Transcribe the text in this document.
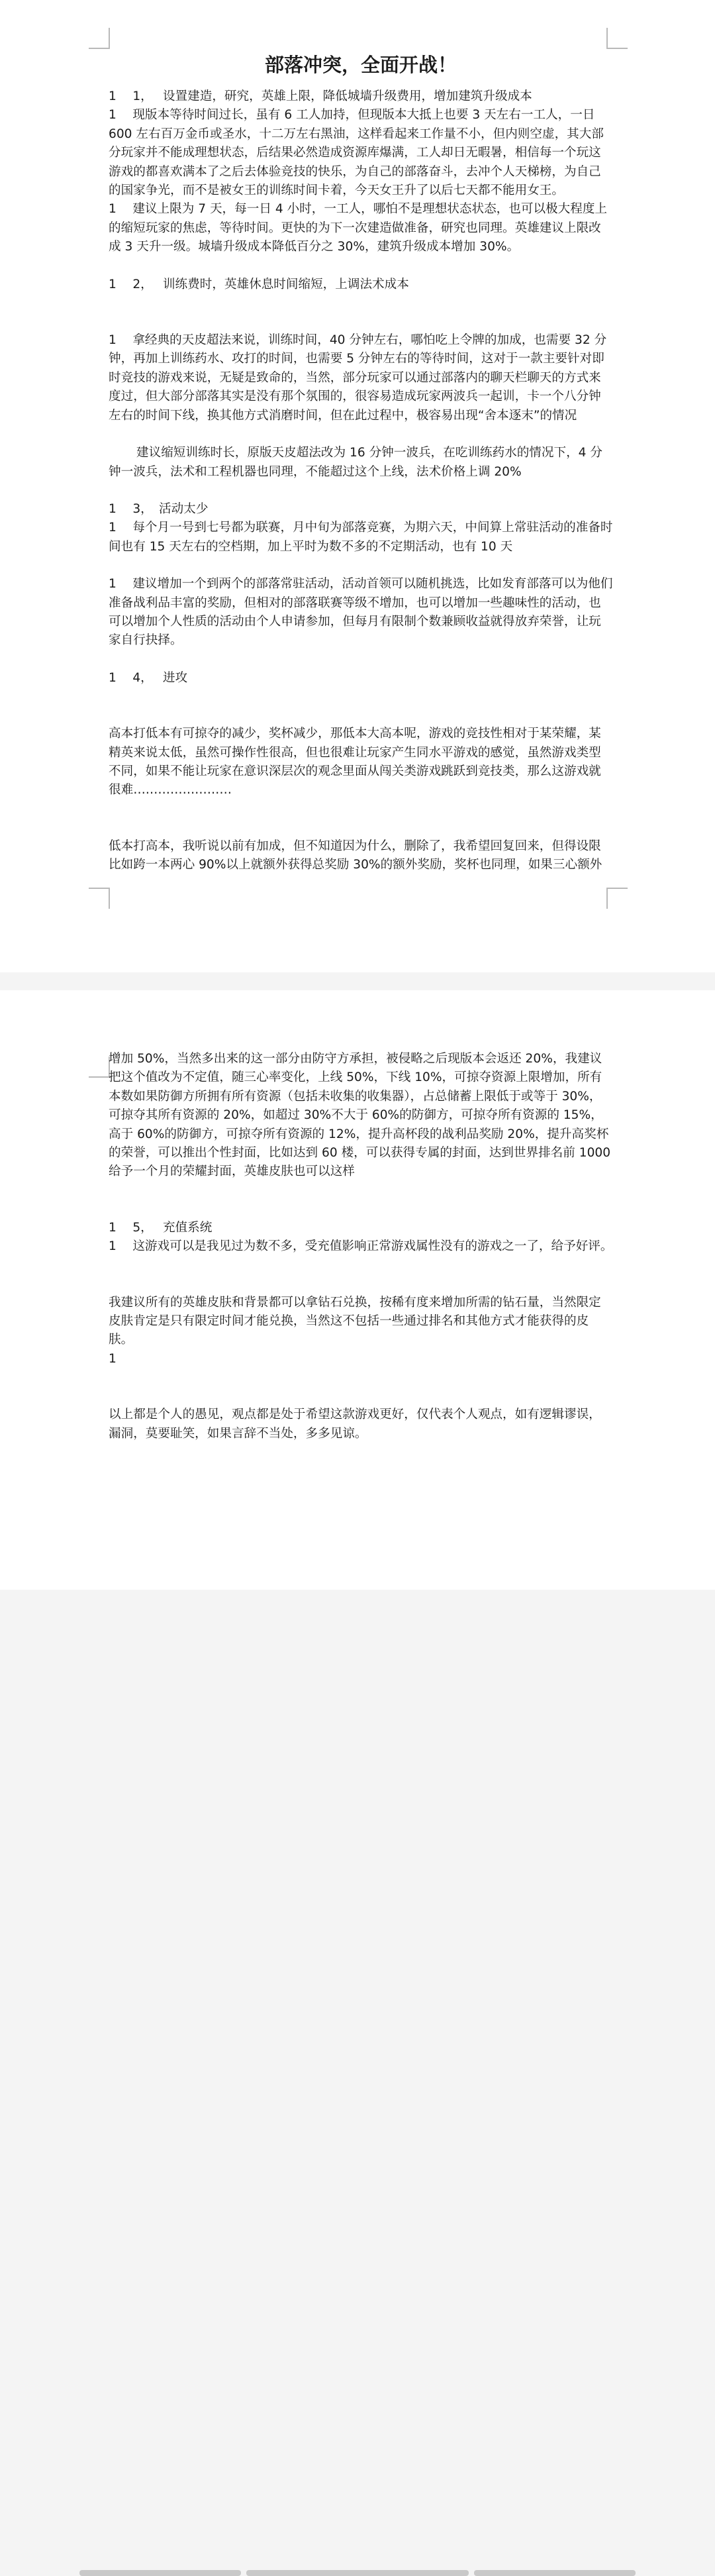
部落冲突，全面开战！

1　 1，　 设置建造，研究，英雄上限，降低城墙升级费用，增加建筑升级成本

1　 现版本等待时间过长，虽有 6 工人加持，但现版本大抵上也要 3 天左右一工人，一日 600 左右百万金币或圣水，十二万左右黑油，这样看起来工作量不小，但内则空虚，其大部分玩家并不能成理想状态，后结果必然造成资源库爆满，工人却日无暇暑，相信每一个玩这游戏的都喜欢满本了之后去体验竞技的快乐，为自己的部落奋斗，去冲个人天梯榜，为自己的国家争光，而不是被女王的训练时间卡着，今天女王升了以后七天都不能用女王。

1　 建议上限为 7 天，每一日 4 小时，一工人，哪怕不是理想状态状态，也可以极大程度上的缩短玩家的焦虑，等待时间。更快的为下一次建造做准备，研究也同理。英雄建议上限改成 3 天升一级。城墙升级成本降低百分之 30%，建筑升级成本增加 30%。

1　 2，　 训练费时，英雄休息时间缩短，上调法术成本

1　 拿经典的天皮超法来说，训练时间，40 分钟左右，哪怕吃上令牌的加成，也需要 32 分钟，再加上训练药水、攻打的时间，也需要 5 分钟左右的等待时间，这对于一款主要针对即时竞技的游戏来说，无疑是致命的，当然，部分玩家可以通过部落内的聊天栏聊天的方式来度过，但大部分部落其实是没有那个氛围的，很容易造成玩家两波兵一起训，卡一个八分钟左右的时间下线，换其他方式消磨时间，但在此过程中，极容易出现“舍本逐末”的情况

建议缩短训练时长，原版天皮超法改为 16 分钟一波兵，在吃训练药水的情况下，4 分钟一波兵，法术和工程机器也同理，不能超过这个上线，法术价格上调 20%

1　 3，　活动太少

1　 每个月一号到七号都为联赛，月中旬为部落竞赛，为期六天，中间算上常驻活动的准备时间也有 15 天左右的空档期，加上平时为数不多的不定期活动，也有 10 天

1　 建议增加一个到两个的部落常驻活动，活动首领可以随机挑选，比如发育部落可以为他们准备战利品丰富的奖励，但相对的部落联赛等级不增加，也可以增加一些趣味性的活动，也可以增加个人性质的活动由个人申请参加，但每月有限制个数兼顾收益就得放弃荣誉，让玩家自行抉择。

1　 4，　 进攻

高本打低本有可掠夺的减少，奖杯减少，那低本大高本呢，游戏的竞技性相对于某荣耀，某精英来说太低，虽然可操作性很高，但也很难让玩家产生同水平游戏的感觉，虽然游戏类型不同，如果不能让玩家在意识深层次的观念里面从闯关类游戏跳跃到竞技类，那么这游戏就很难……………………

低本打高本，我听说以前有加成，但不知道因为什么，删除了，我希望回复回来，但得设限比如跨一本两心 90%以上就额外获得总奖励 30%的额外奖励，奖杯也同理，如果三心额外

增加 50%，当然多出来的这一部分由防守方承担，被侵略之后现版本会返还 20%，我建议把这个值改为不定值，随三心率变化，上线 50%，下线 10%，可掠夺资源上限增加，所有本数如果防御方所拥有所有资源（包括未收集的收集器），占总储蓄上限低于或等于 30%，可掠夺其所有资源的 20%，如超过 30%不大于 60%的防御方，可掠夺所有资源的 15%，高于 60%的防御方，可掠夺所有资源的 12%，提升高杯段的战利品奖励 20%，提升高奖杯的荣誉，可以推出个性封面，比如达到 60 楼，可以获得专属的封面，达到世界排名前 1000 给予一个月的荣耀封面，英雄皮肤也可以这样

1　 5，　 充值系统

1　 这游戏可以是我见过为数不多，受充值影响正常游戏属性没有的游戏之一了，给予好评。

我建议所有的英雄皮肤和背景都可以拿钻石兑换，按稀有度来增加所需的钻石量，当然限定皮肤肯定是只有限定时间才能兑换，当然这不包括一些通过排名和其他方式才能获得的皮肤。

1

以上都是个人的愚见，观点都是处于希望这款游戏更好，仅代表个人观点，如有逻辑谬误，漏洞，莫要耻笑，如果言辞不当处，多多见谅。
